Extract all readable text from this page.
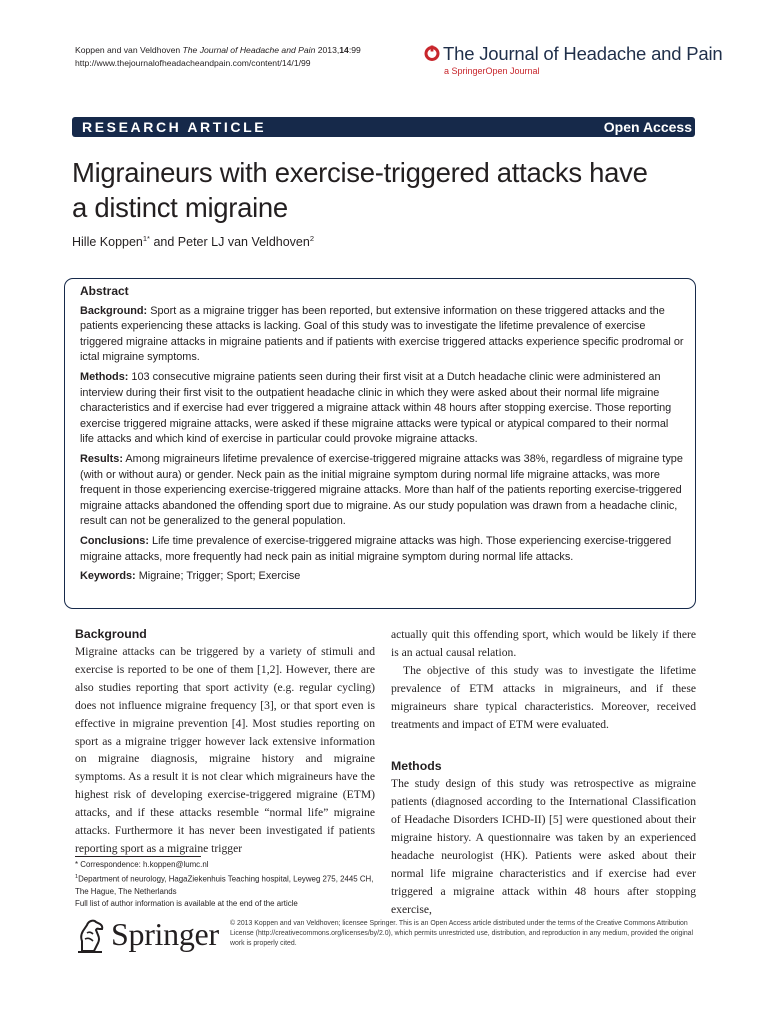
Koppen and van Veldhoven The Journal of Headache and Pain 2013,14:99
http://www.thejournalofheadacheandpain.com/content/14/1/99	The Journal of Headache and Pain
a SpringerOpen Journal
RESEARCH ARTICLE	Open Access
Migraineurs with exercise-triggered attacks have
a distinct migraine
Hille Koppen$^{1*}$ and Peter LJ van Veldhoven$^2$
Abstract

Background: Sport as a migraine trigger has been reported, but extensive information on these triggered attacks and the patients experiencing these attacks is lacking. Goal of this study was to investigate the lifetime prevalence of exercise triggered migraine attacks in migraine patients and if patients with exercise triggered attacks experience specific prodromal or ictal migraine symptoms.

Methods: 103 consecutive migraine patients seen during their first visit at a Dutch headache clinic were administered an interview during their first visit to the outpatient headache clinic in which they were asked about their normal life migraine characteristics and if exercise had ever triggered a migraine attack within 48 hours after stopping exercise. Those reporting exercise triggered migraine attacks, were asked if these migraine attacks were typical or atypical compared to their normal life attacks and which kind of exercise in particular could provoke migraine attacks.

Results: Among migraineurs lifetime prevalence of exercise-triggered migraine attacks was 38%, regardless of migraine type (with or without aura) or gender. Neck pain as the initial migraine symptom during normal life migraine attacks, was more frequent in those experiencing exercise-triggered migraine attacks. More than half of the patients reporting exercise-triggered migraine attacks abandoned the offending sport due to migraine. As our study population was drawn from a headache clinic, result can not be generalized to the general population.

Conclusions: Life time prevalence of exercise-triggered migraine attacks was high. Those experiencing exercise-triggered migraine attacks, more frequently had neck pain as initial migraine symptom during normal life attacks.

Keywords: Migraine; Trigger; Sport; Exercise

Background

Migraine attacks can be triggered by a variety of stimuli and exercise is reported to be one of them [1,2]. However, there are also studies reporting that sport activity (e.g. regular cycling) does not influence migraine frequency [3], or that sport even is effective in migraine prevention [4]. Most studies reporting on sport as a migraine trigger however lack extensive information on migraine diagnosis, migraine history and migraine symptoms. As a result it is not clear which migraineurs have the highest risk of developing exercise-triggered migraine (ETM) attacks, and if these attacks resemble “normal life” migraine attacks. Furthermore it has never been investigated if patients reporting sport as a migraine trigger

actually quit this offending sport, which would be likely if there is an actual causal relation.

The objective of this study was to investigate the lifetime prevalence of ETM attacks in migraineurs, and if these migraineurs share typical characteristics. Moreover, received treatments and impact of ETM were evaluated.

Methods

The study design of this study was retrospective as migraine patients (diagnosed according to the International Classification of Headache Disorders ICHD-II) [5] were questioned about their migraine history. A questionnaire was taken by an experienced headache neurologist (HK). Patients were asked about their normal life migraine characteristics and if exercise had ever triggered a migraine attack within 48 hours after stopping exercise,

* Correspondence: h.koppen@lumc.nl

$^1$Department of neurology, HagaZiekenhuis Teaching hospital, Leyweg 275, 2445 CH, The Hague, The Netherlands

Full list of author information is available at the end of the article

Springer © 2013 Koppen and van Veldhoven; licensee Springer. This is an Open Access article distributed under the terms of the Creative Commons Attribution License (http://creativecommons.org/licenses/by/2.0), which permits unrestricted use, distribution, and reproduction in any medium, provided the original work is properly cited.
